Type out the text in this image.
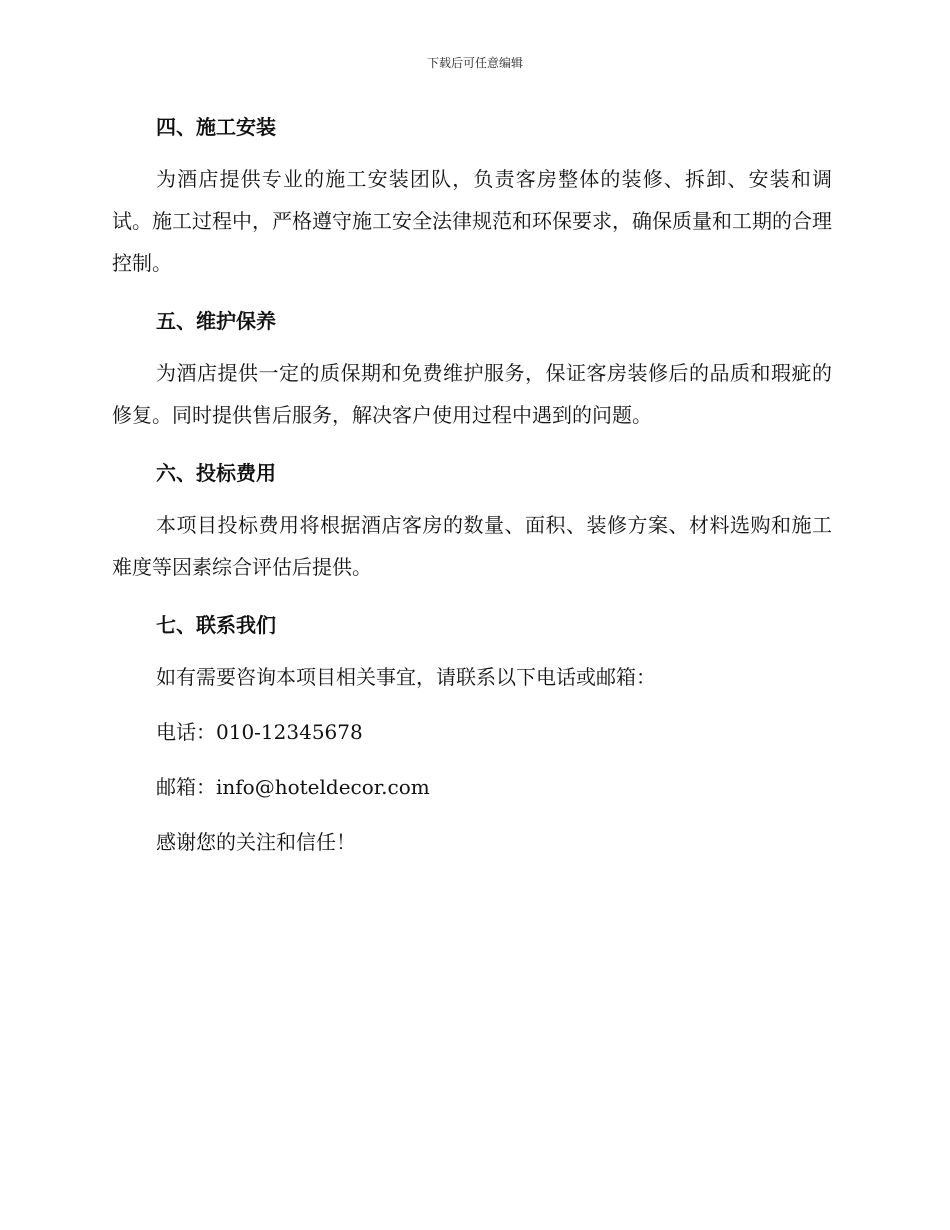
下载后可任意编辑
四、施工安装

为酒店提供专业的施工安装团队，负责客房整体的装修、拆卸、安装和调试。施工过程中，严格遵守施工安全法律规范和环保要求，确保质量和工期的合理控制。

五、维护保养

为酒店提供一定的质保期和免费维护服务，保证客房装修后的品质和瑕疵的修复。同时提供售后服务，解决客户使用过程中遇到的问题。

六、投标费用

本项目投标费用将根据酒店客房的数量、面积、装修方案、材料选购和施工难度等因素综合评估后提供。

七、联系我们
如有需要咨询本项目相关事宜，请联系以下电话或邮箱：
电话：010-12345678
邮箱：info@hoteldecor.com
感谢您的关注和信任！
